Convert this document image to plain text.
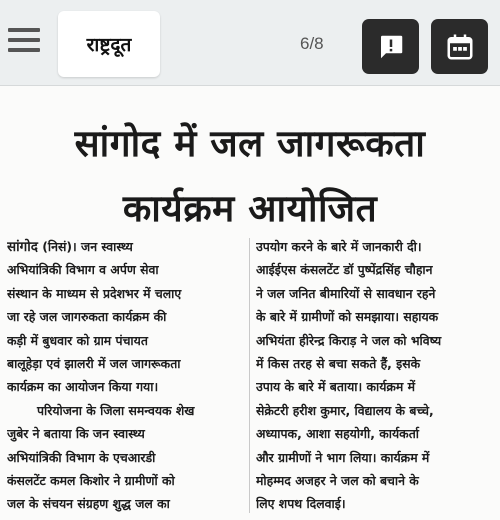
राष्ट्रदूत	6/8
सांगोद में जल जागरूकता
कार्यक्रम आयोजित
सांगोद (निसं)। जन स्वास्थ्य
अभियांत्रिकी विभाग व अर्पण सेवा
संस्थान के माध्यम से प्रदेशभर में चलाए
जा रहे जल जागरुकता कार्यक्रम की
कड़ी में बुधवार को ग्राम पंचायत
बालूहेड़ा एवं झालरी में जल जागरूकता
कार्यक्रम का आयोजन किया गया।
परियोजना के जिला समन्वयक शेख
जुबेर ने बताया कि जन स्वास्थ्य
अभियांत्रिकी विभाग के एचआरडी
कंसलटेंट कमल किशोर ने ग्रामीणों को
जल के संचयन संग्रहण शुद्ध जल का
उपयोग करने के बारे में जानकारी दी।
आईईएस कंसलटेंट डॉ पुष्पेंद्रसिंह चौहान
ने जल जनित बीमारियों से सावधान रहने
के बारे में ग्रामीणों को समझाया। सहायक
अभियंता हीरेन्द्र किराड़ ने जल को भविष्य
में किस तरह से बचा सकते हैं, इसके
उपाय के बारे में बताया। कार्यक्रम में
सेक्रेटरी हरीश कुमार, विद्यालय के बच्चे,
अध्यापक, आशा सहयोगी, कार्यकर्ता
और ग्रामीणों ने भाग लिया। कार्यक्रम में
मोहम्मद अजहर ने जल को बचाने के
लिए शपथ दिलवाई।
